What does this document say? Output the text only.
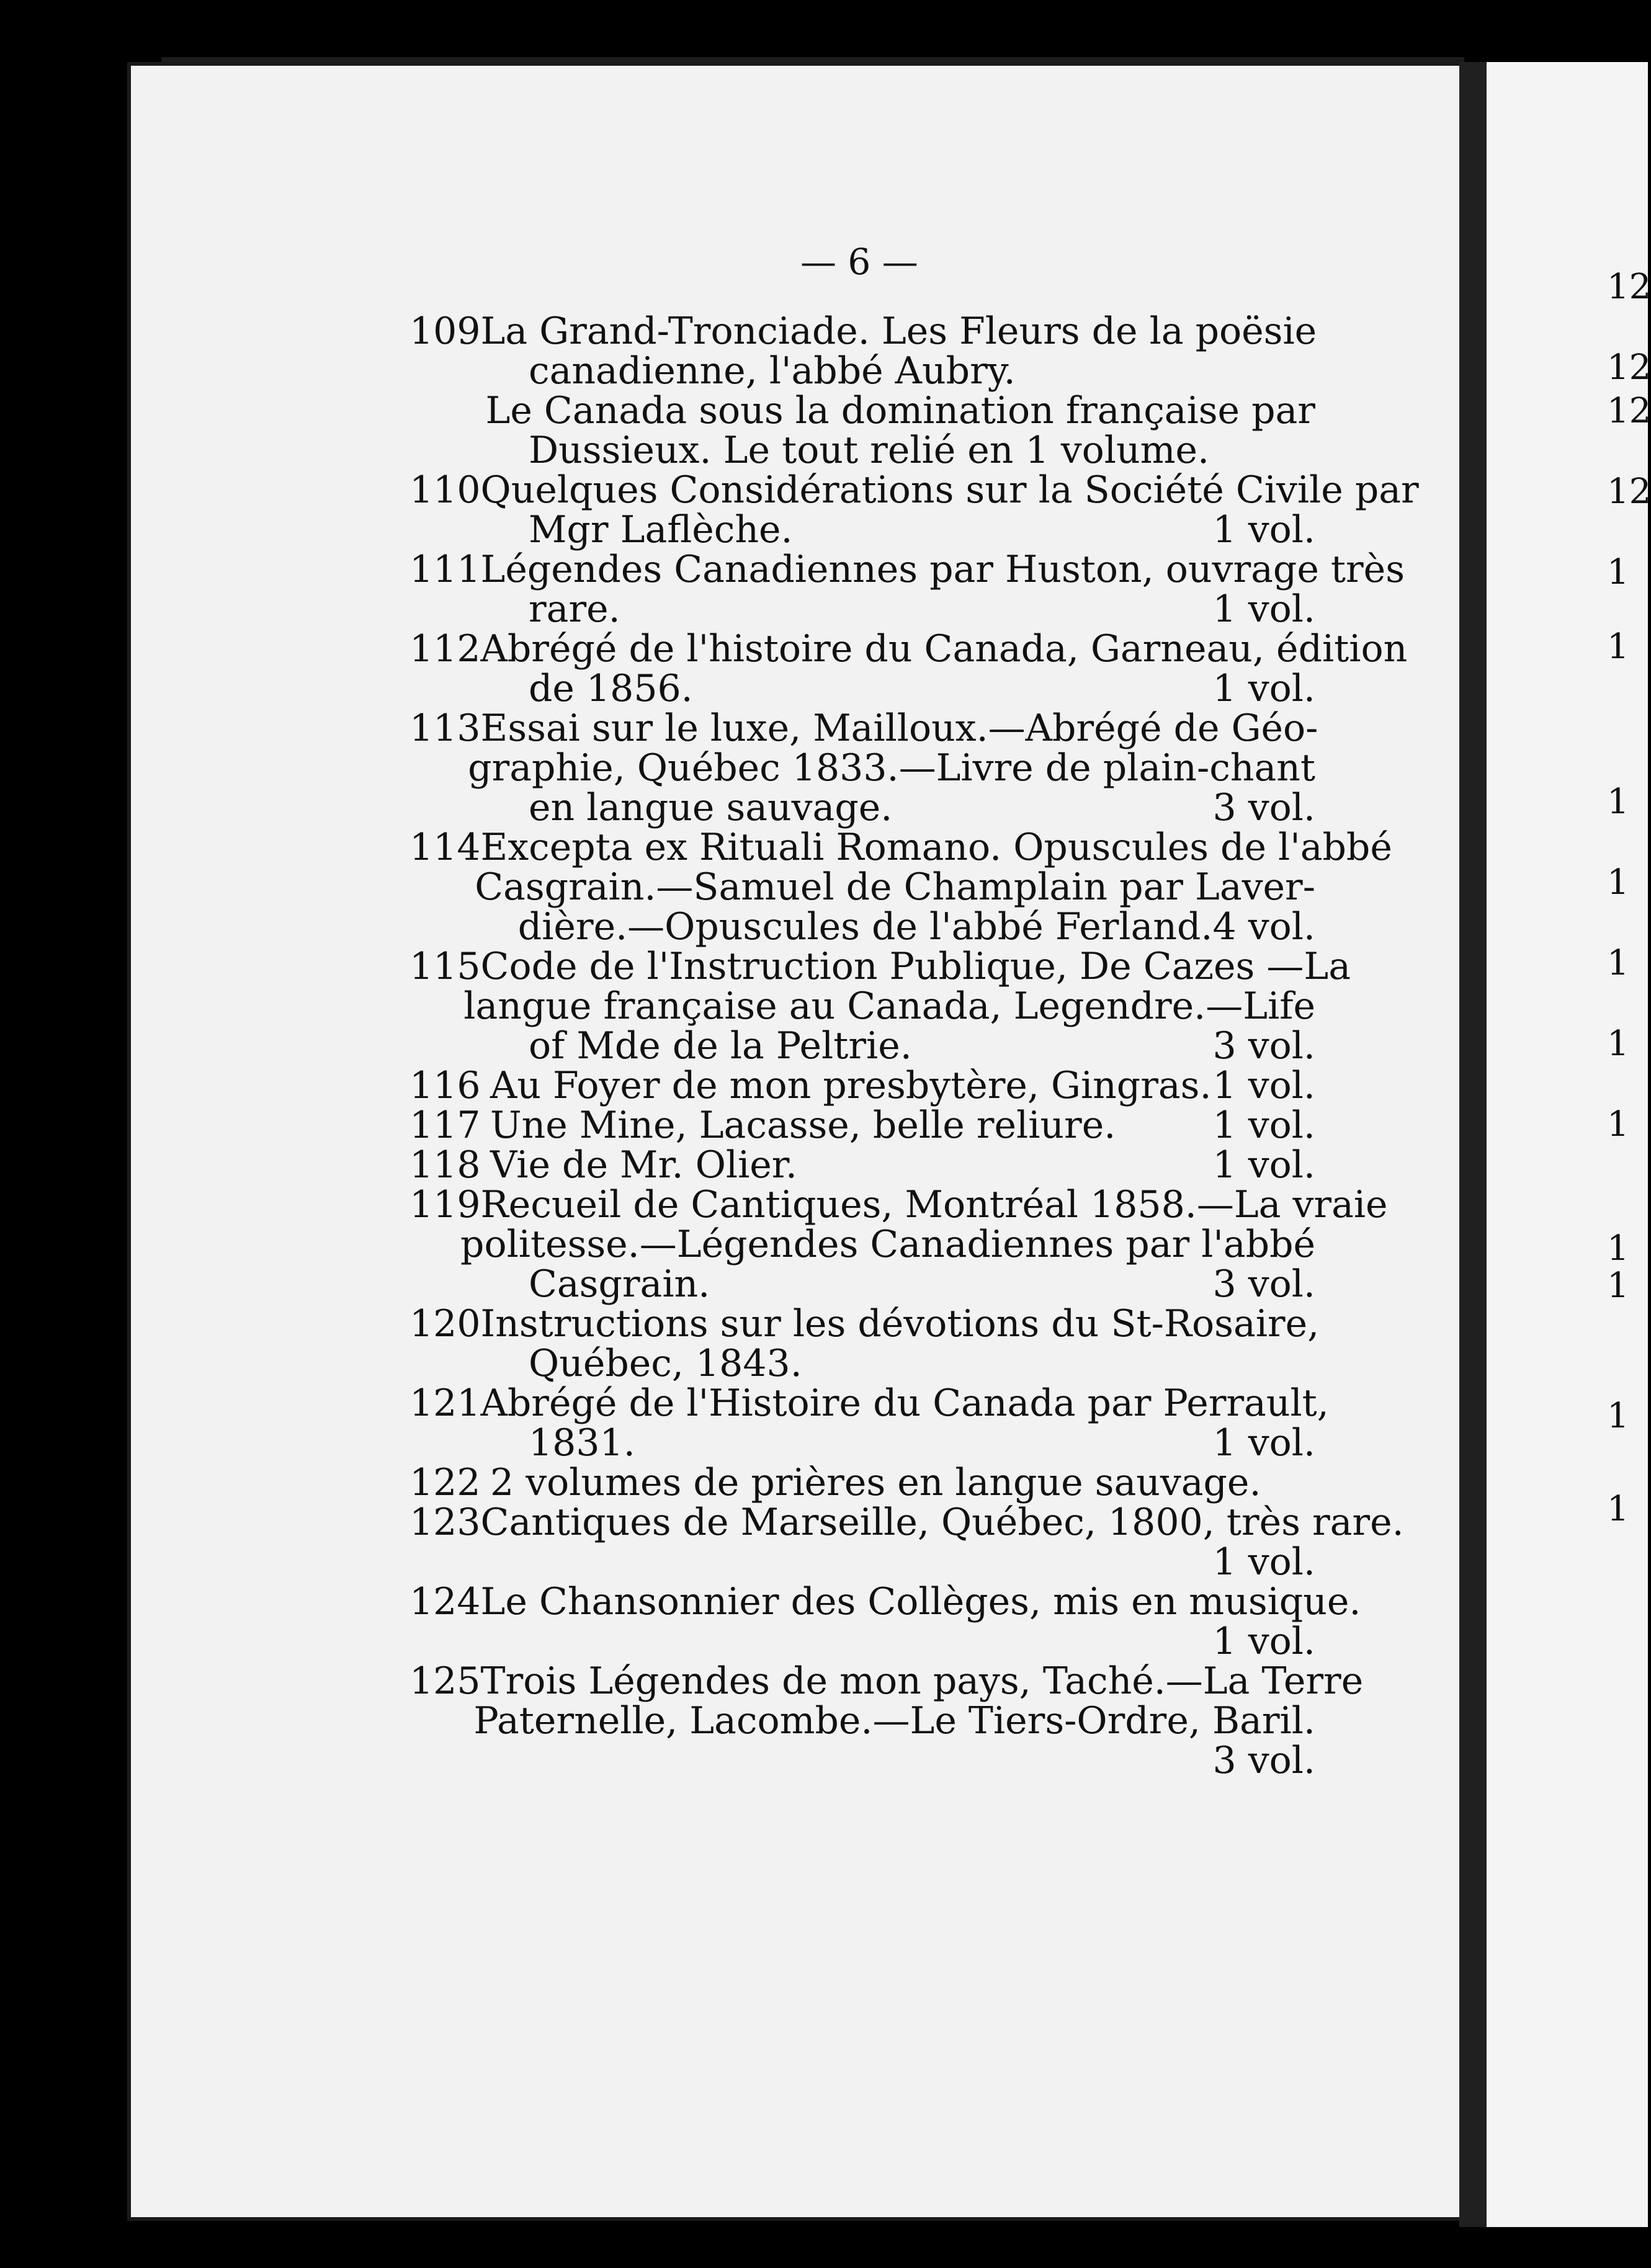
— 6 —
109 La Grand-Tronciade. Les Fleurs de la poësie
canadienne, l'abbé Aubry.
Le Canada sous la domination française par
Dussieux. Le tout relié en 1 volume.
110 Quelques Considérations sur la Société Civile par
Mgr Laflèche.	1 vol.
111 Légendes Canadiennes par Huston, ouvrage très
rare.	1 vol.
112 Abrégé de l'histoire du Canada, Garneau, édition
de 1856.	1 vol.
113 Essai sur le luxe, Mailloux.—Abrégé de Géo-
graphie, Québec 1833.—Livre de plain-chant
en langue sauvage.	3 vol.
114 Excepta ex Rituali Romano. Opuscules de l'abbé
Casgrain.—Samuel de Champlain par Laver-
dière.—Opuscules de l'abbé Ferland. 4 vol.
115 Code de l'Instruction Publique, De Cazes —La
langue française au Canada, Legendre.—Life
of Mde de la Peltrie.	3 vol.
116 Au Foyer de mon presbytère, Gingras. 1 vol.
117 Une Mine, Lacasse, belle reliure.	1 vol.
118 Vie de Mr. Olier.	1 vol.
119 Recueil de Cantiques, Montréal 1858.—La vraie
politesse.—Légendes Canadiennes par l'abbé
Casgrain.	3 vol.
120 Instructions sur les dévotions du St-Rosaire,
Québec, 1843.
121 Abrégé de l'Histoire du Canada par Perrault,
1831.	1 vol.
122 2 volumes de prières en langue sauvage.
123 Cantiques de Marseille, Québec, 1800, très rare.
1 vol.
124 Le Chansonnier des Collèges, mis en musique.
1 vol.
125 Trois Légendes de mon pays, Taché.—La Terre
Paternelle, Lacombe.—Le Tiers-Ordre, Baril.
3 vol.
12
12
12
12
1
1
1
1
1
1
1
1
1
1
1
